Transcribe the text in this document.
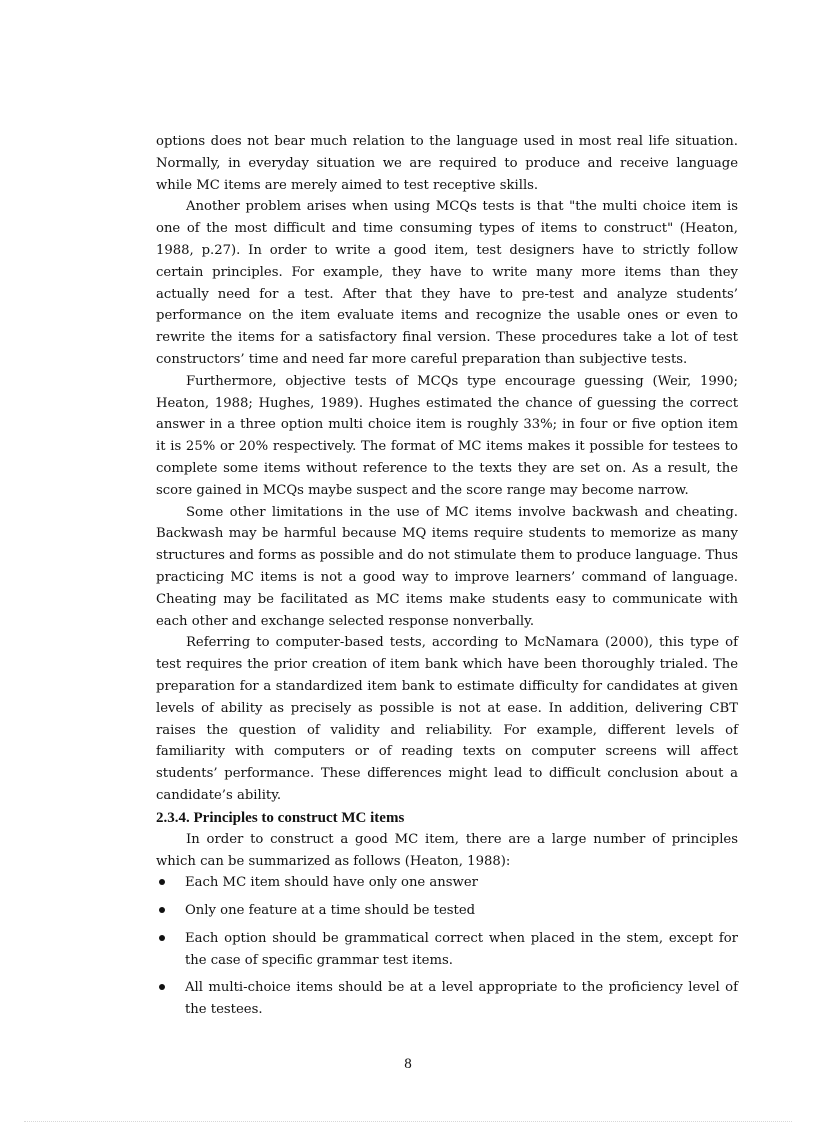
options does not bear much relation to the language used in most real life situation. Normally, in everyday situation we are required to produce and receive language while MC items are merely aimed to test receptive skills.

Another problem arises when using MCQs tests is that "the multi choice item is one of the most difficult and time consuming types of items to construct" (Heaton, 1988, p.27). In order to write a good item, test designers have to strictly follow certain principles. For example, they have to write many more items than they actually need for a test. After that they have to pre-test and analyze students’ performance on the item evaluate items and recognize the usable ones or even to rewrite the items for a satisfactory final version. These procedures take a lot of test constructors’ time and need far more careful preparation than subjective tests.

Furthermore, objective tests of MCQs type encourage guessing (Weir, 1990; Heaton, 1988; Hughes, 1989). Hughes estimated the chance of guessing the correct answer in a three option multi choice item is roughly 33%; in four or five option item it is 25% or 20% respectively. The format of MC items makes it possible for testees to complete some items without reference to the texts they are set on. As a result, the score gained in MCQs maybe suspect and the score range may become narrow.

Some other limitations in the use of MC items involve backwash and cheating. Backwash may be harmful because MQ items require students to memorize as many structures and forms as possible and do not stimulate them to produce language. Thus practicing MC items is not a good way to improve learners’ command of language. Cheating may be facilitated as MC items make students easy to communicate with each other and exchange selected response nonverbally.

Referring to computer-based tests, according to McNamara (2000), this type of test requires the prior creation of item bank which have been thoroughly trialed. The preparation for a standardized item bank to estimate difficulty for candidates at given levels of ability as precisely as possible is not at ease. In addition, delivering CBT raises the question of validity and reliability. For example, different levels of familiarity with computers or of reading texts on computer screens will affect students’ performance. These differences might lead to difficult conclusion about a candidate’s ability.

2.3.4. Principles to construct MC items

In order to construct a good MC item, there are a large number of principles which can be summarized as follows (Heaton, 1988):

Each MC item should have only one answer
Only one feature at a time should be tested
Each option should be grammatical correct when placed in the stem, except for the case of specific grammar test items.
All multi-choice items should be at a level appropriate to the proficiency level of the testees.
8
